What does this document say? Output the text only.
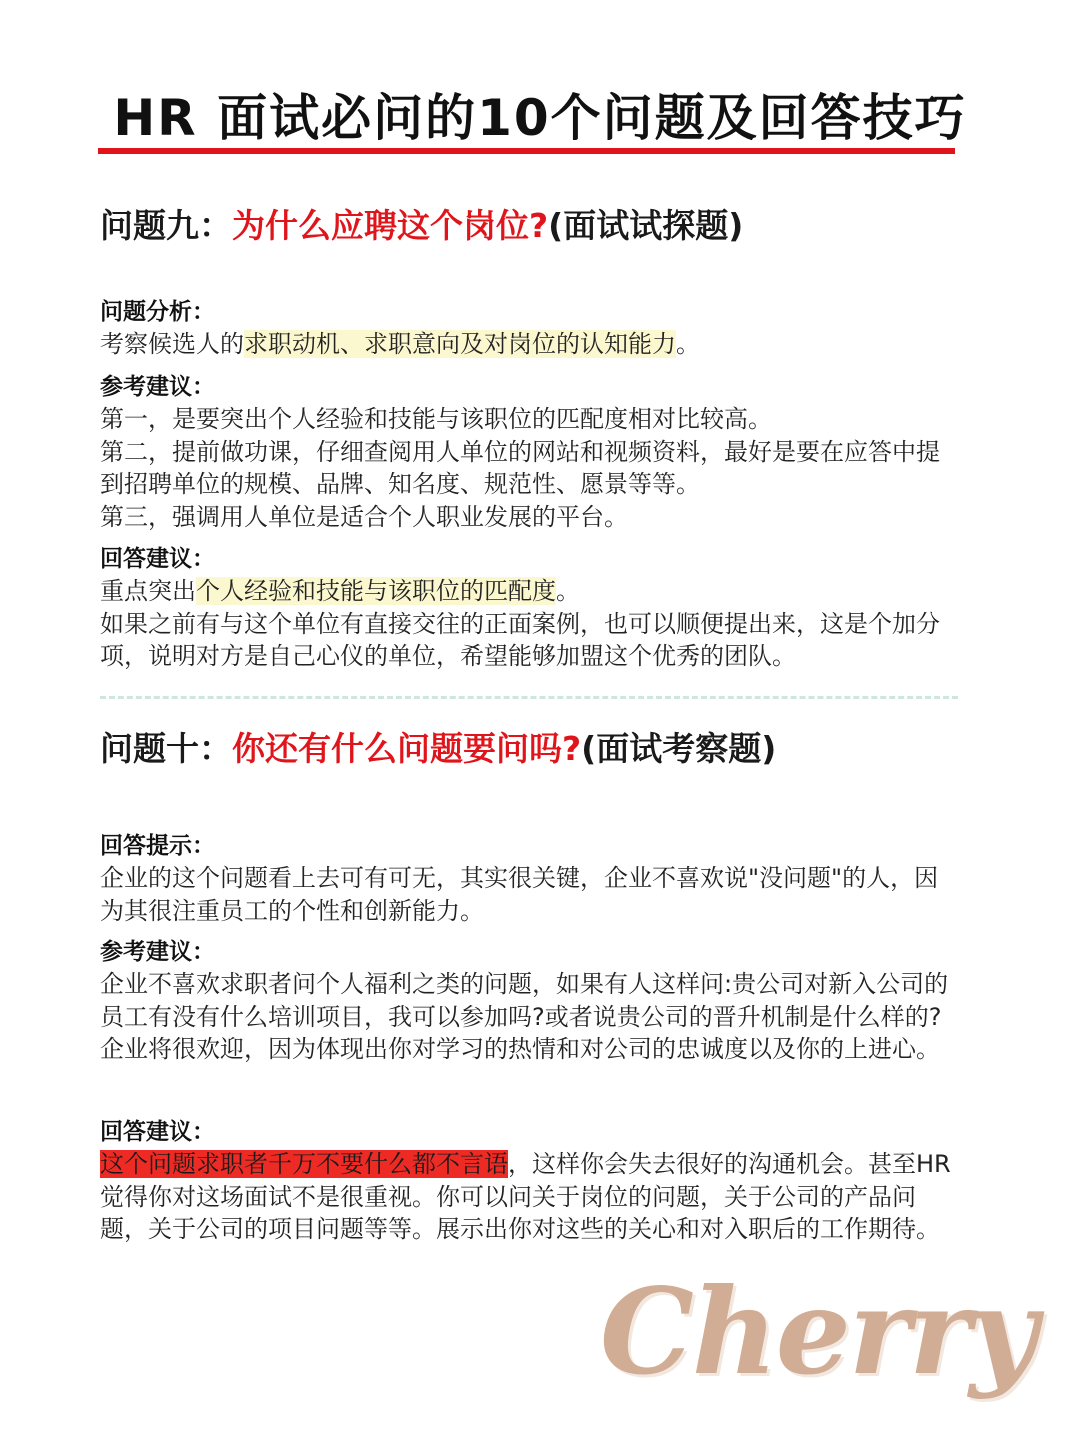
HR 面试必问的10个问题及回答技巧
问题九：为什么应聘这个岗位?(面试试探题)
问题分析：
考察候选人的求职动机、求职意向及对岗位的认知能力。
参考建议：
第一，是要突出个人经验和技能与该职位的匹配度相对比较高。
第二，提前做功课，仔细查阅用人单位的网站和视频资料，最好是要在应答中提到招聘单位的规模、品牌、知名度、规范性、愿景等等。
第三，强调用人单位是适合个人职业发展的平台。
回答建议：
重点突出个人经验和技能与该职位的匹配度。
如果之前有与这个单位有直接交往的正面案例，也可以顺便提出来，这是个加分项，说明对方是自己心仪的单位，希望能够加盟这个优秀的团队。
问题十：你还有什么问题要问吗?(面试考察题)
回答提示：
企业的这个问题看上去可有可无，其实很关键，企业不喜欢说"没问题"的人，因为其很注重员工的个性和创新能力。
参考建议：
企业不喜欢求职者问个人福利之类的问题，如果有人这样问:贵公司对新入公司的员工有没有什么培训项目，我可以参加吗?或者说贵公司的晋升机制是什么样的?企业将很欢迎，因为体现出你对学习的热情和对公司的忠诚度以及你的上进心。
回答建议：
这个问题求职者千万不要什么都不言语，这样你会失去很好的沟通机会。甚至HR觉得你对这场面试不是很重视。你可以问关于岗位的问题，关于公司的产品问题，关于公司的项目问题等等。展示出你对这些的关心和对入职后的工作期待。
Cherry
